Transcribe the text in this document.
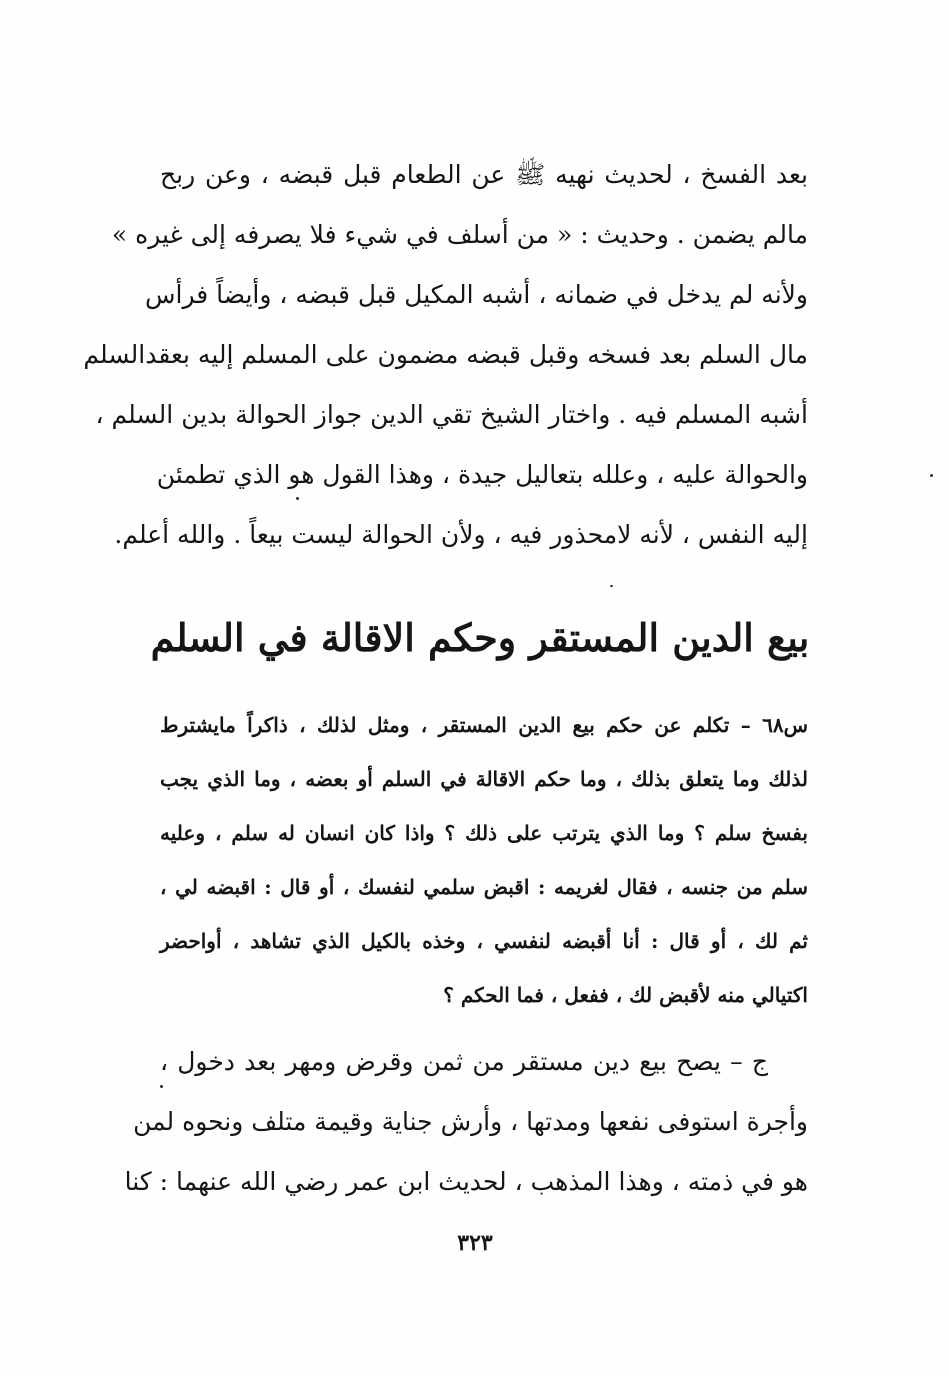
بعد الفسخ ، لحديث نهيه ﷺ عن الطعام قبل قبضه ، وعن ربح
مالم يضمن . وحديث : « من أسلف في شيء فلا يصرفه إلى غيره »
ولأنه لم يدخل في ضمانه ، أشبه المكيل قبل قبضه ، وأيضاً فرأس
مال السلم بعد فسخه وقبل قبضه مضمون على المسلم إليه بعقدالسلم
أشبه المسلم فيه . واختار الشيخ تقي الدين جواز الحوالة بدين السلم ،
والحوالة عليه ، وعلله بتعاليل جيدة ، وهذا القول هو الذي تطمئن
إليه النفس ، لأنه لامحذور فيه ، ولأن الحوالة ليست بيعاً . والله أعلم.
بيع الدين المستقر وحكم الاقالة في السلم
س٦٨ – تكلم عن حكم بيع الدين المستقر ، ومثل لذلك ، ذاكراً مايشترط
لذلك وما يتعلق بذلك ، وما حكم الاقالة في السلم أو بعضه ، وما الذي يجب
بفسخ سلم ؟ وما الذي يترتب على ذلك ؟ واذا كان انسان له سلم ، وعليه
سلم من جنسه ، فقال لغريمه : اقبض سلمي لنفسك ، أو قال : اقبضه لي ،
ثم لك ، أو قال : أنا أقبضه لنفسي ، وخذه بالكيل الذي تشاهد ، أواحضر
اكتيالي منه لأقبض لك ، ففعل ، فما الحكم ؟
ج – يصح بيع دين مستقر من ثمن وقرض ومهر بعد دخول ،
وأجرة استوفى نفعها ومدتها ، وأرش جناية وقيمة متلف ونحوه لمن
هو في ذمته ، وهذا المذهب ، لحديث ابن عمر رضي الله عنهما : كنا
٣٢٣
